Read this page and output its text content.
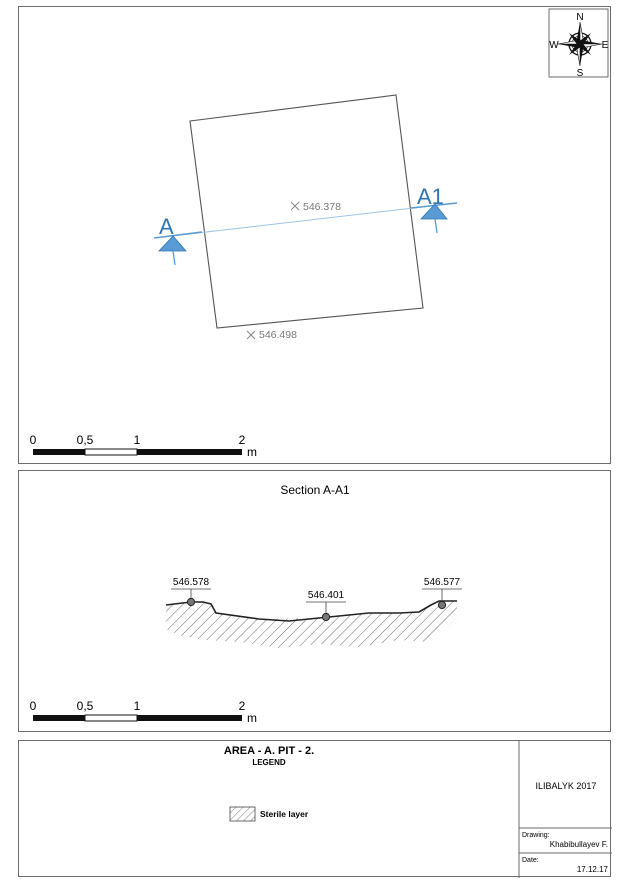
N
S
E
W
A
A1
546.378
546.498
0	0,5	1	2
m
Section A-A1
546.578
546.401
546.577
0	0,5	1	2
m
AREA - A. PIT - 2.
LEGEND
Sterile layer
ILIBALYK 2017
Drawing:
Khabibullayev F.
Date:
17.12.17
